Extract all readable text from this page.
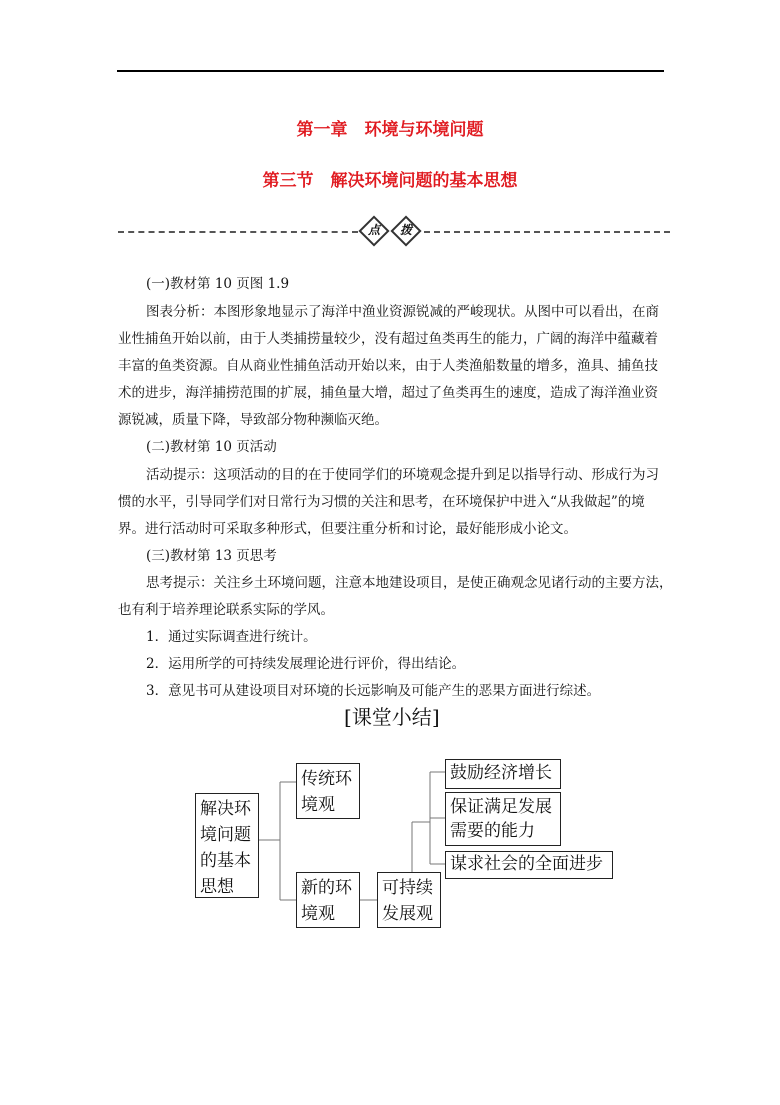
第一章　环境与环境问题
第三节　解决环境问题的基本思想
点	拨
(一)教材第 10 页图 1.9
图表分析：本图形象地显示了海洋中渔业资源锐减的严峻现状。从图中可以看出，在商
业性捕鱼开始以前，由于人类捕捞量较少，没有超过鱼类再生的能力，广阔的海洋中蕴藏着
丰富的鱼类资源。自从商业性捕鱼活动开始以来，由于人类渔船数量的增多，渔具、捕鱼技
术的进步，海洋捕捞范围的扩展，捕鱼量大增，超过了鱼类再生的速度，造成了海洋渔业资
源锐减，质量下降，导致部分物种濒临灭绝。
(二)教材第 10 页活动
活动提示：这项活动的目的在于使同学们的环境观念提升到足以指导行动、形成行为习
惯的水平，引导同学们对日常行为习惯的关注和思考，在环境保护中进入“从我做起”的境
界。进行活动时可采取多种形式，但要注重分析和讨论，最好能形成小论文。
(三)教材第 13 页思考
思考提示：关注乡土环境问题，注意本地建设项目，是使正确观念见诸行动的主要方法，
也有利于培养理论联系实际的学风。
1．通过实际调查进行统计。
2．运用所学的可持续发展理论进行评价，得出结论。
3．意见书可从建设项目对环境的长远影响及可能产生的恶果方面进行综述。
[课堂小结]
解决环
境问题
的基本
思想
传统环
境观
新的环
境观
可持续
发展观
鼓励经济增长
保证满足发展
需要的能力
谋求社会的全面进步
